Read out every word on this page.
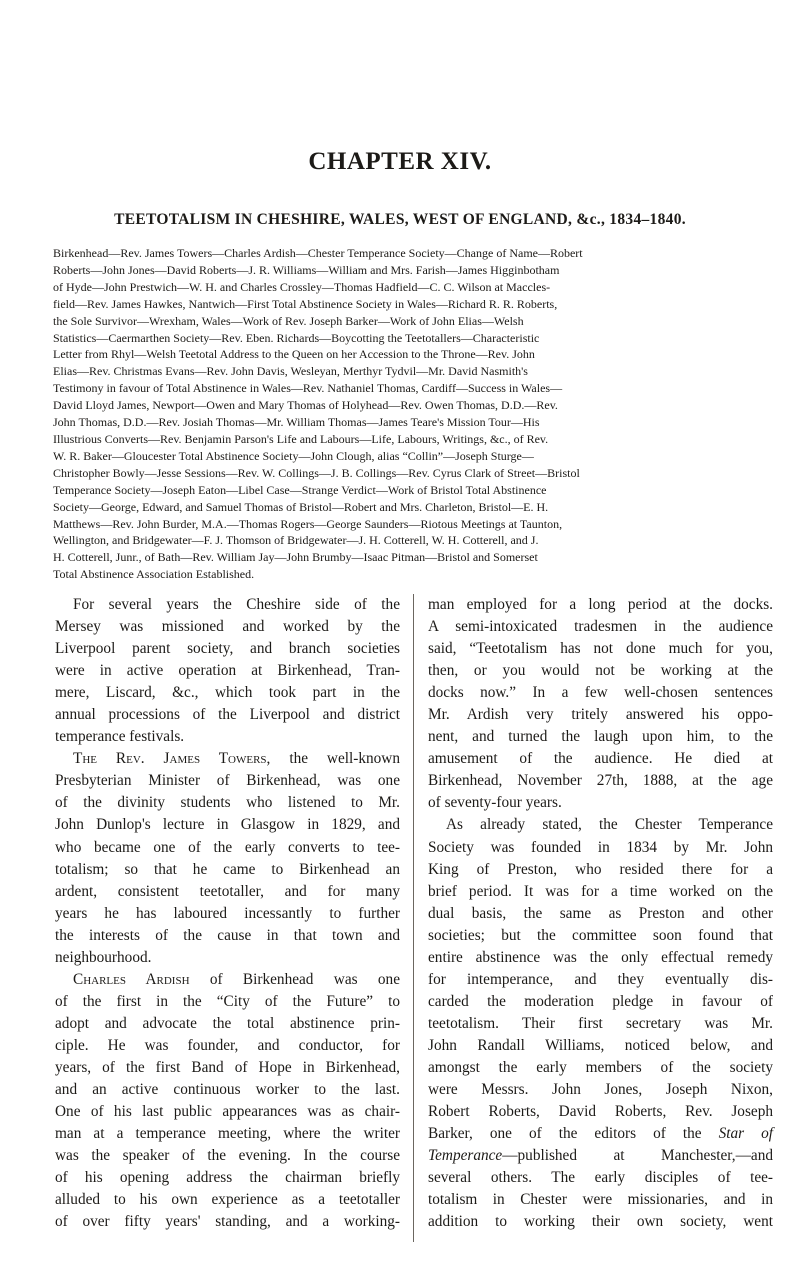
CHAPTER XIV.
TEETOTALISM IN CHESHIRE, WALES, WEST OF ENGLAND, &c., 1834–1840.
Birkenhead—Rev. James Towers—Charles Ardish—Chester Temperance Society—Change of Name—Robert
Roberts—John Jones—David Roberts—J. R. Williams—William and Mrs. Farish—James Higginbotham
of Hyde—John Prestwich—W. H. and Charles Crossley—Thomas Hadfield—C. C. Wilson at Maccles-
field—Rev. James Hawkes, Nantwich—First Total Abstinence Society in Wales—Richard R. R. Roberts,
the Sole Survivor—Wrexham, Wales—Work of Rev. Joseph Barker—Work of John Elias—Welsh
Statistics—Caermarthen Society—Rev. Eben. Richards—Boycotting the Teetotallers—Characteristic
Letter from Rhyl—Welsh Teetotal Address to the Queen on her Accession to the Throne—Rev. John
Elias—Rev. Christmas Evans—Rev. John Davis, Wesleyan, Merthyr Tydvil—Mr. David Nasmith's
Testimony in favour of Total Abstinence in Wales—Rev. Nathaniel Thomas, Cardiff—Success in Wales—
David Lloyd James, Newport—Owen and Mary Thomas of Holyhead—Rev. Owen Thomas, D.D.—Rev.
John Thomas, D.D.—Rev. Josiah Thomas—Mr. William Thomas—James Teare's Mission Tour—His
Illustrious Converts—Rev. Benjamin Parson's Life and Labours—Life, Labours, Writings, &c., of Rev.
W. R. Baker—Gloucester Total Abstinence Society—John Clough, alias “Collin”—Joseph Sturge—
Christopher Bowly—Jesse Sessions—Rev. W. Collings—J. B. Collings—Rev. Cyrus Clark of Street—Bristol
Temperance Society—Joseph Eaton—Libel Case—Strange Verdict—Work of Bristol Total Abstinence
Society—George, Edward, and Samuel Thomas of Bristol—Robert and Mrs. Charleton, Bristol—E. H.
Matthews—Rev. John Burder, M.A.—Thomas Rogers—George Saunders—Riotous Meetings at Taunton,
Wellington, and Bridgewater—F. J. Thomson of Bridgewater—J. H. Cotterell, W. H. Cotterell, and J.
H. Cotterell, Junr., of Bath—Rev. William Jay—John Brumby—Isaac Pitman—Bristol and Somerset
Total Abstinence Association Established.
For several years the Cheshire side of the
Mersey was missioned and worked by the
Liverpool parent society, and branch societies
were in active operation at Birkenhead, Tran-
mere, Liscard, &c., which took part in the
annual processions of the Liverpool and district
temperance festivals.
The Rev. James Towers, the well-known
Presbyterian Minister of Birkenhead, was one
of the divinity students who listened to Mr.
John Dunlop's lecture in Glasgow in 1829, and
who became one of the early converts to tee-
totalism; so that he came to Birkenhead an
ardent, consistent teetotaller, and for many
years he has laboured incessantly to further
the interests of the cause in that town and
neighbourhood.
Charles Ardish of Birkenhead was one
of the first in the “City of the Future” to
adopt and advocate the total abstinence prin-
ciple. He was founder, and conductor, for
years, of the first Band of Hope in Birkenhead,
and an active continuous worker to the last.
One of his last public appearances was as chair-
man at a temperance meeting, where the writer
was the speaker of the evening. In the course
of his opening address the chairman briefly
alluded to his own experience as a teetotaller
of over fifty years' standing, and a working-
man employed for a long period at the docks.
A semi-intoxicated tradesmen in the audience
said, “Teetotalism has not done much for you,
then, or you would not be working at the
docks now.” In a few well-chosen sentences
Mr. Ardish very tritely answered his oppo-
nent, and turned the laugh upon him, to the
amusement of the audience. He died at
Birkenhead, November 27th, 1888, at the age
of seventy-four years.
As already stated, the Chester Temperance
Society was founded in 1834 by Mr. John
King of Preston, who resided there for a
brief period. It was for a time worked on the
dual basis, the same as Preston and other
societies; but the committee soon found that
entire abstinence was the only effectual remedy
for intemperance, and they eventually dis-
carded the moderation pledge in favour of
teetotalism. Their first secretary was Mr.
John Randall Williams, noticed below, and
amongst the early members of the society
were Messrs. John Jones, Joseph Nixon,
Robert Roberts, David Roberts, Rev. Joseph
Barker, one of the editors of the Star of
Temperance—published at Manchester,—and
several others. The early disciples of tee-
totalism in Chester were missionaries, and in
addition to working their own society, went
